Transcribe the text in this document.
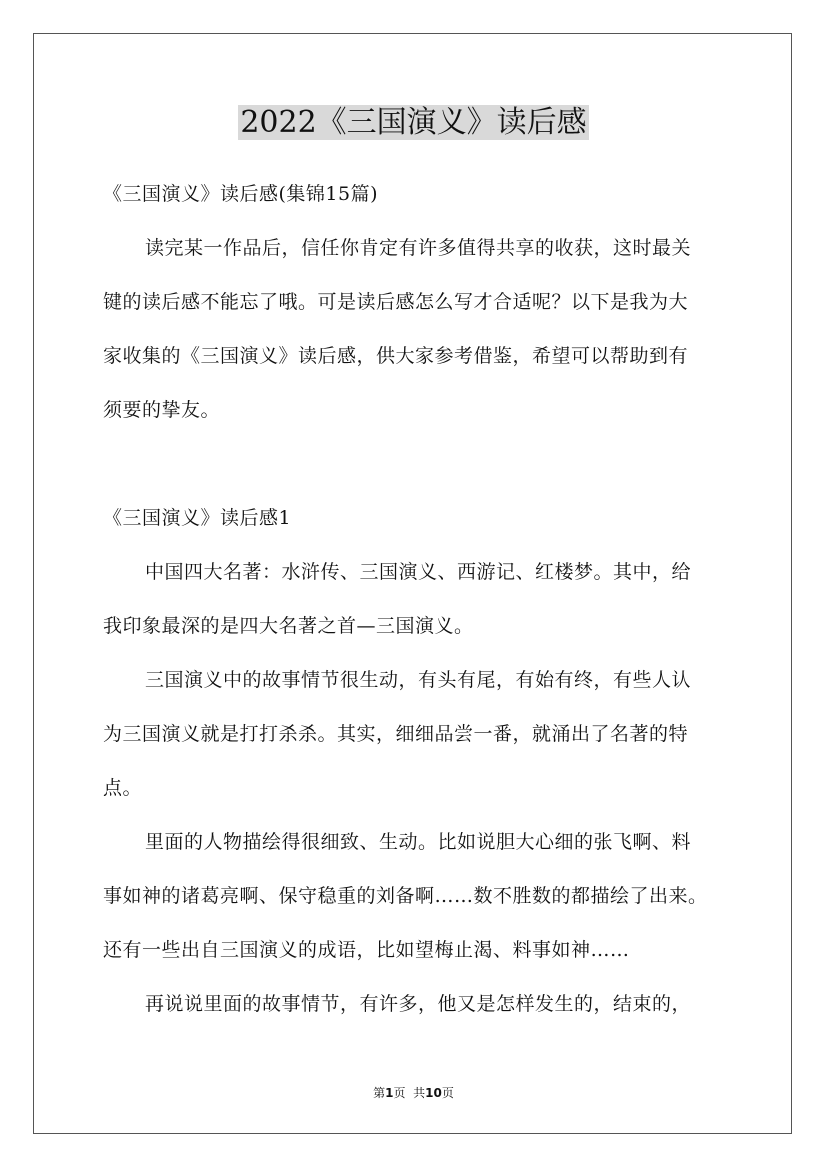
2022《三国演义》读后感
《三国演义》读后感(集锦15篇)
读完某一作品后，信任你肯定有许多值得共享的收获，这时最关
键的读后感不能忘了哦。可是读后感怎么写才合适呢？以下是我为大
家收集的《三国演义》读后感，供大家参考借鉴，希望可以帮助到有
须要的挚友。
《三国演义》读后感1
中国四大名著：水浒传、三国演义、西游记、红楼梦。其中，给
我印象最深的是四大名著之首—三国演义。
三国演义中的故事情节很生动，有头有尾，有始有终，有些人认
为三国演义就是打打杀杀。其实，细细品尝一番，就涌出了名著的特
点。
里面的人物描绘得很细致、生动。比如说胆大心细的张飞啊、料
事如神的诸葛亮啊、保守稳重的刘备啊……数不胜数的都描绘了出来。
还有一些出自三国演义的成语，比如望梅止渴、料事如神……
再说说里面的故事情节，有许多，他又是怎样发生的，结束的，
第1页  共10页
